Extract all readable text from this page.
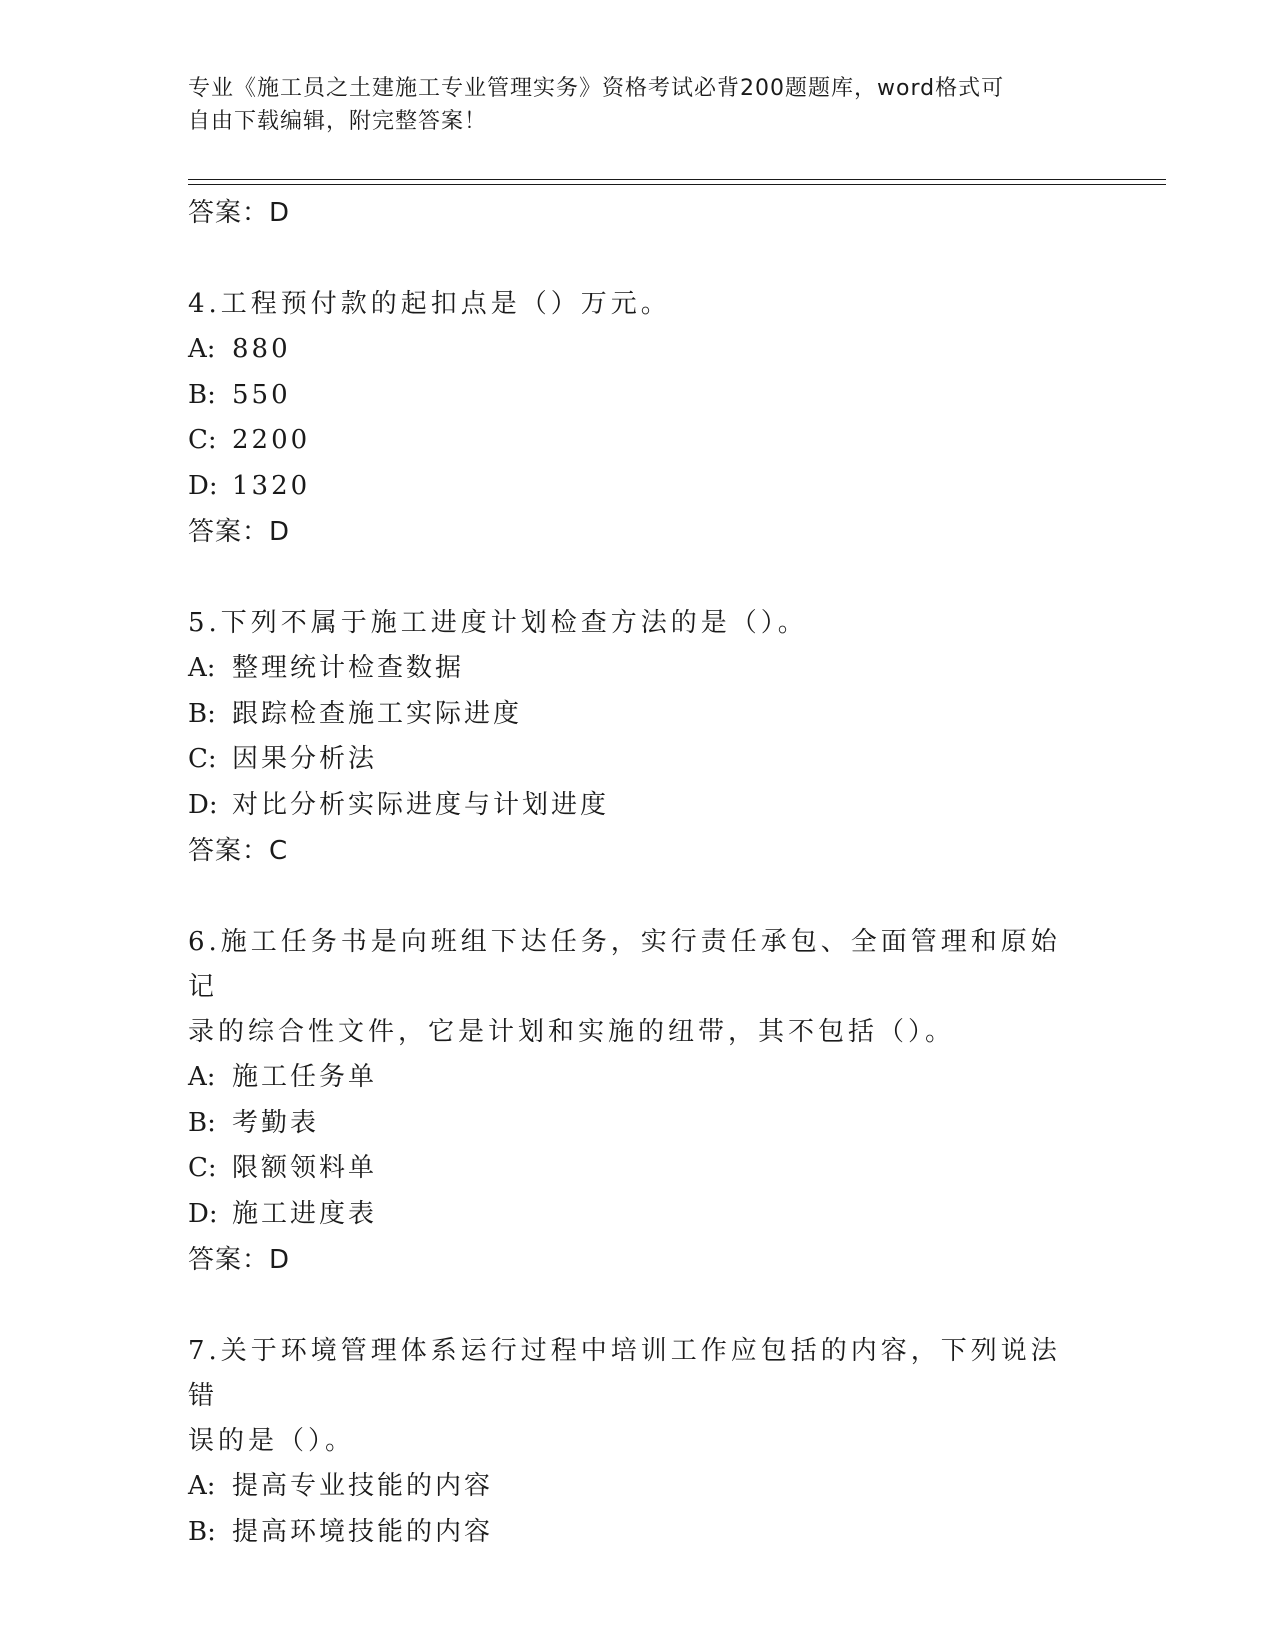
专业《施工员之土建施工专业管理实务》资格考试必背200题题库，word格式可
自由下载编辑，附完整答案！

答案：D

4.工程预付款的起扣点是（）万元。

A: 880

B: 550

C: 2200

D: 1320

答案：D

5.下列不属于施工进度计划检查方法的是（）。

A: 整理统计检查数据

B: 跟踪检查施工实际进度

C: 因果分析法

D: 对比分析实际进度与计划进度

答案：C

6.施工任务书是向班组下达任务，实行责任承包、全面管理和原始记

录的综合性文件，它是计划和实施的纽带，其不包括（）。

A: 施工任务单

B: 考勤表

C: 限额领料单

D: 施工进度表

答案：D

7.关于环境管理体系运行过程中培训工作应包括的内容，下列说法错

误的是（）。

A: 提高专业技能的内容

B: 提高环境技能的内容
